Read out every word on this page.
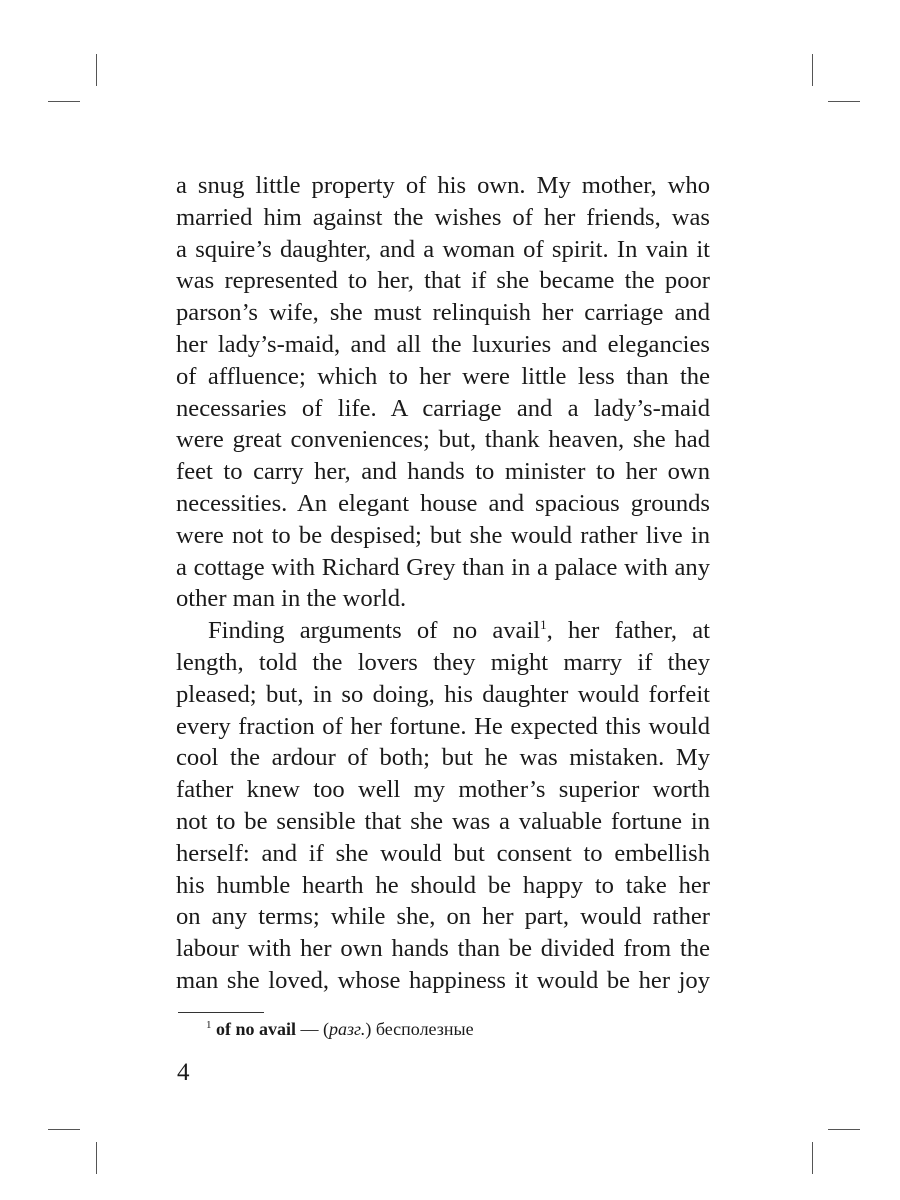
a snug little property of his own. My mother, who
married him against the wishes of her friends, was
a squire’s daughter, and a woman of spirit. In vain it
was represented to her, that if she became the poor
parson’s wife, she must relinquish her carriage and
her lady’s-maid, and all the luxuries and elegancies
of affluence; which to her were little less than the
necessaries of life. A carriage and a lady’s-maid
were great conveniences; but, thank heaven, she had
feet to carry her, and hands to minister to her own
necessities. An elegant house and spacious grounds
were not to be despised; but she would rather live in
a cottage with Richard Grey than in a palace with any
other man in the world.
Finding arguments of no avail$^1$, her father, at
length, told the lovers they might marry if they
pleased; but, in so doing, his daughter would forfeit
every fraction of her fortune. He expected this would
cool the ardour of both; but he was mistaken. My
father knew too well my mother’s superior worth
not to be sensible that she was a valuable fortune in
herself: and if she would but consent to embellish
his humble hearth he should be happy to take her
on any terms; while she, on her part, would rather
labour with her own hands than be divided from the
man she loved, whose happiness it would be her joy
$^1$ of no avail — (разг.) бесполезные
4
